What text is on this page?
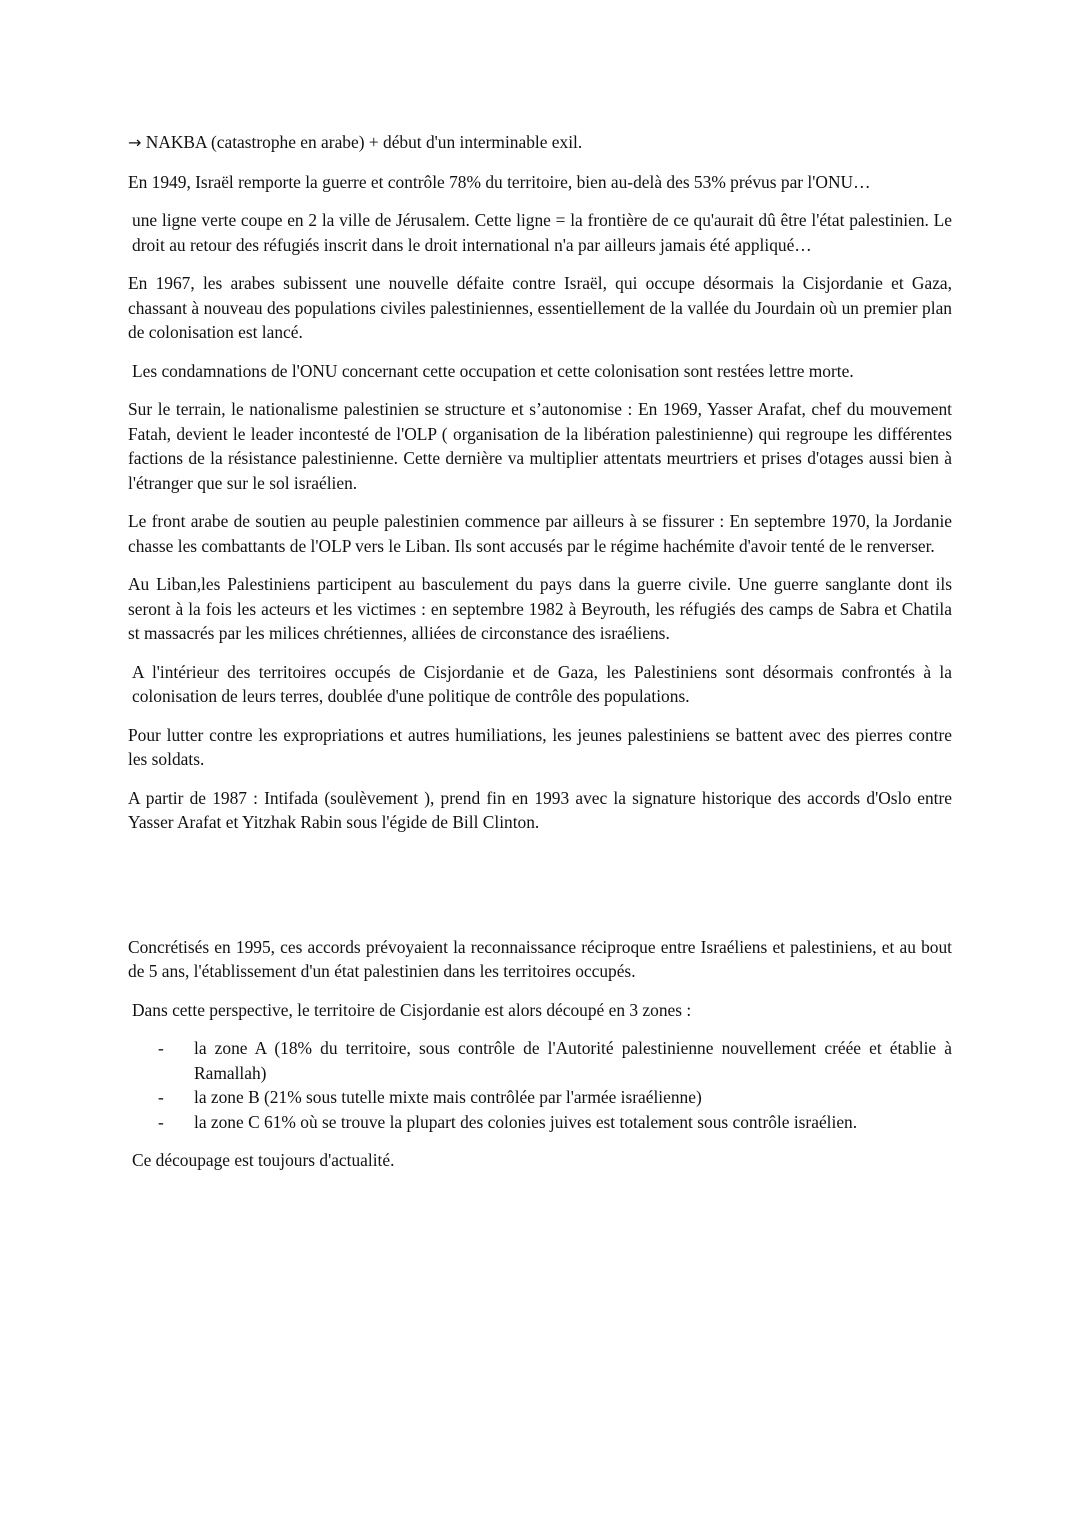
→ NAKBA (catastrophe en arabe) + début d'un interminable exil.

En 1949, Israël remporte la guerre et contrôle 78% du territoire, bien au-delà des 53% prévus par l'ONU…

une ligne verte coupe en 2 la ville de Jérusalem. Cette ligne = la frontière de ce qu'aurait dû être l'état palestinien. Le droit au retour des réfugiés inscrit dans le droit international n'a par ailleurs jamais été appliqué…

En 1967, les arabes subissent une nouvelle défaite contre Israël, qui occupe désormais la Cisjordanie et Gaza, chassant à nouveau des populations civiles palestiniennes, essentiellement de la vallée du Jourdain où un premier plan de colonisation est lancé.

Les condamnations de l'ONU concernant cette occupation et cette colonisation sont restées lettre morte.

Sur le terrain, le nationalisme palestinien se structure et s’autonomise : En 1969, Yasser Arafat, chef du mouvement Fatah, devient le leader incontesté de l'OLP ( organisation de la libération palestinienne) qui regroupe les différentes factions de la résistance palestinienne. Cette dernière va multiplier attentats meurtriers et prises d'otages aussi bien à l'étranger que sur le sol israélien.

Le front arabe de soutien au peuple palestinien commence par ailleurs à se fissurer : En septembre 1970, la Jordanie chasse les combattants de l'OLP vers le Liban. Ils sont accusés par le régime hachémite d'avoir tenté de le renverser.

Au Liban,les Palestiniens participent au basculement du pays dans la guerre civile. Une guerre sanglante dont ils seront à la fois les acteurs et les victimes : en septembre 1982 à Beyrouth, les réfugiés des camps de Sabra et Chatila st massacrés par les milices chrétiennes, alliées de circonstance des israéliens.

A l'intérieur des territoires occupés de Cisjordanie et de Gaza, les Palestiniens sont désormais confrontés à la colonisation de leurs terres, doublée d'une politique de contrôle des populations.

Pour lutter contre les expropriations et autres humiliations, les jeunes palestiniens se battent avec des pierres contre les soldats.

A partir de 1987 : Intifada (soulèvement ), prend fin en 1993 avec la signature historique des accords d'Oslo entre Yasser Arafat et Yitzhak Rabin sous l'égide de Bill Clinton.

Concrétisés en 1995, ces accords prévoyaient la reconnaissance réciproque entre Israéliens et palestiniens, et au bout de 5 ans, l'établissement d'un état palestinien dans les territoires occupés.

Dans cette perspective, le territoire de Cisjordanie est alors découpé en 3 zones :

- la zone A (18% du territoire, sous contrôle de l'Autorité palestinienne nouvellement créée et établie à Ramallah)
- la zone B (21% sous tutelle mixte mais contrôlée par l'armée israélienne)
- la zone C 61% où se trouve la plupart des colonies juives est totalement sous contrôle israélien.

Ce découpage est toujours d'actualité.
